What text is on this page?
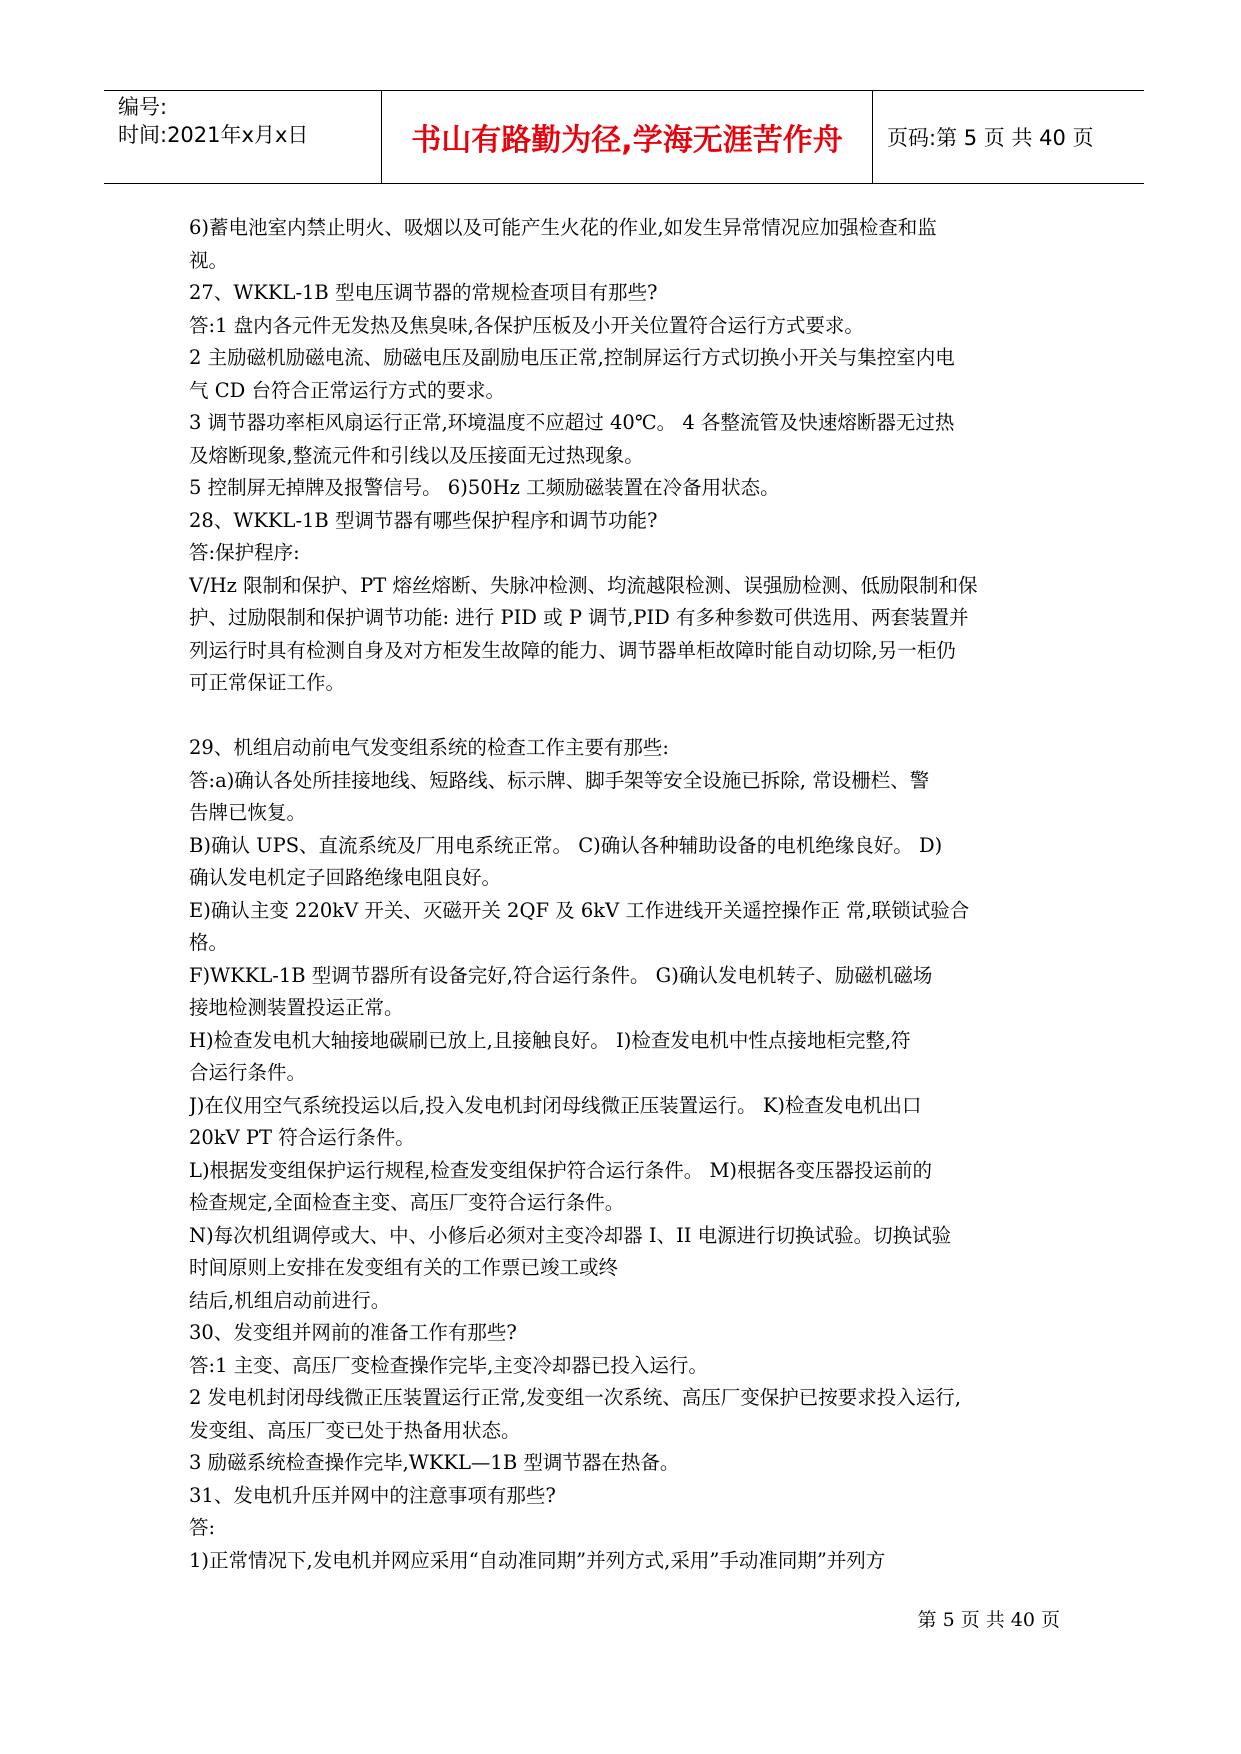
编号:
时间:2021年x月x日	书山有路勤为径,学海无涯苦作舟	页码:第 5 页 共 40 页

6)蓄电池室内禁止明火、吸烟以及可能产生火花的作业,如发生异常情况应加强检查和监

视。

27、WKKL-1B 型电压调节器的常规检查项目有那些?

答:1 盘内各元件无发热及焦臭味,各保护压板及小开关位置符合运行方式要求。

2 主励磁机励磁电流、励磁电压及副励电压正常,控制屏运行方式切换小开关与集控室内电

气 CD 台符合正常运行方式的要求。

3 调节器功率柜风扇运行正常,环境温度不应超过 40℃。 4 各整流管及快速熔断器无过热

及熔断现象,整流元件和引线以及压接面无过热现象。

5 控制屏无掉牌及报警信号。 6)50Hz 工频励磁装置在冷备用状态。

28、WKKL-1B 型调节器有哪些保护程序和调节功能?

答:保护程序:

V/Hz 限制和保护、PT 熔丝熔断、失脉冲检测、均流越限检测、误强励检测、低励限制和保

护、过励限制和保护调节功能: 进行 PID 或 P 调节,PID 有多种参数可供选用、两套装置并

列运行时具有检测自身及对方柜发生故障的能力、调节器单柜故障时能自动切除,另一柜仍

可正常保证工作。

29、机组启动前电气发变组系统的检查工作主要有那些:

答:a)确认各处所挂接地线、短路线、标示牌、脚手架等安全设施已拆除, 常设栅栏、警

告牌已恢复。

B)确认 UPS、直流系统及厂用电系统正常。 C)确认各种辅助设备的电机绝缘良好。 D)

确认发电机定子回路绝缘电阻良好。

E)确认主变 220kV 开关、灭磁开关 2QF 及 6kV 工作进线开关遥控操作正 常,联锁试验合

格。

F)WKKL-1B 型调节器所有设备完好,符合运行条件。 G)确认发电机转子、励磁机磁场

接地检测装置投运正常。

H)检查发电机大轴接地碳刷已放上,且接触良好。 I)检查发电机中性点接地柜完整,符

合运行条件。

J)在仪用空气系统投运以后,投入发电机封闭母线微正压装置运行。 K)检查发电机出口

20kV PT 符合运行条件。

L)根据发变组保护运行规程,检查发变组保护符合运行条件。 M)根据各变压器投运前的

检查规定,全面检查主变、高压厂变符合运行条件。

N)每次机组调停或大、中、小修后必须对主变冷却器 I、II 电源进行切换试验。切换试验

时间原则上安排在发变组有关的工作票已竣工或终

结后,机组启动前进行。

30、发变组并网前的准备工作有那些?

答:1 主变、高压厂变检查操作完毕,主变冷却器已投入运行。

2 发电机封闭母线微正压装置运行正常,发变组一次系统、高压厂变保护已按要求投入运行,

发变组、高压厂变已处于热备用状态。

3 励磁系统检查操作完毕,WKKL—1B 型调节器在热备。

31、发电机升压并网中的注意事项有那些?

答:

1)正常情况下,发电机并网应采用“自动准同期”并列方式,采用”手动准同期”并列方

第 5 页 共 40 页
